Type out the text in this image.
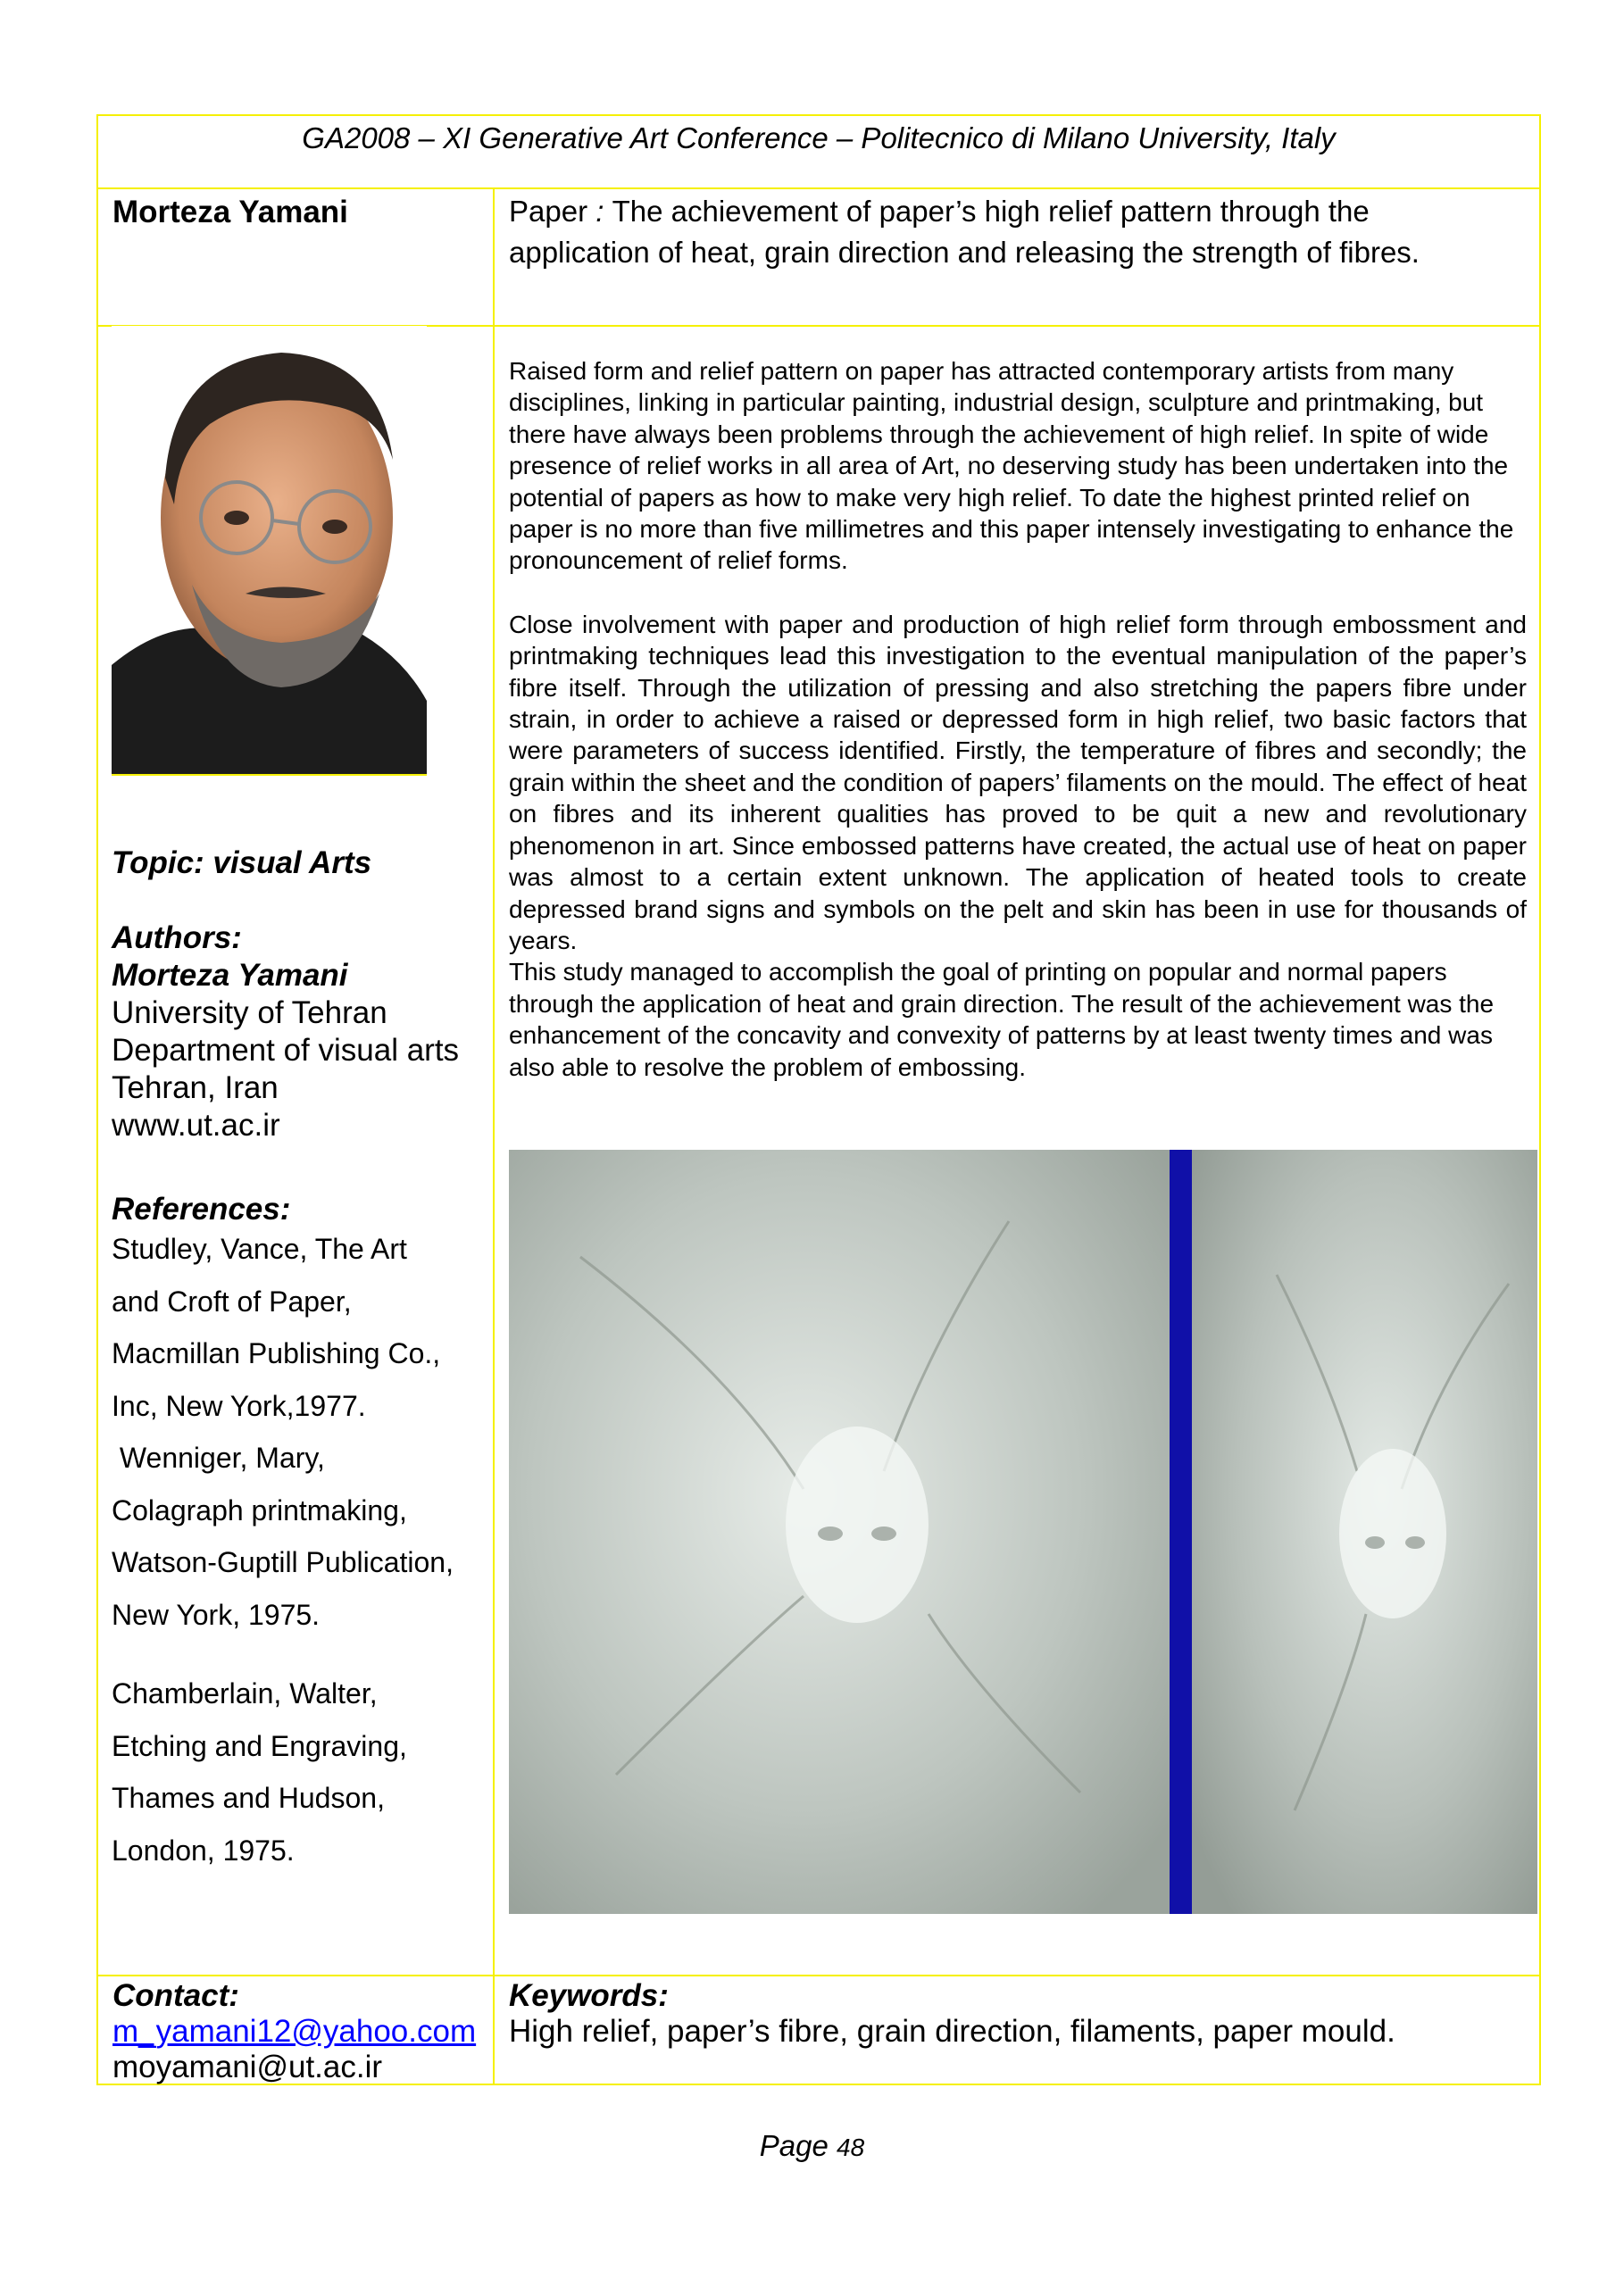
GA2008 – XI Generative Art Conference – Politecnico di Milano University, Italy
Morteza Yamani	Paper : The achievement of paper’s high relief pattern through the
application of heat, grain direction and releasing the strength of fibres.

Raised form and relief pattern on paper has attracted contemporary artists from many disciplines, linking in particular painting, industrial design, sculpture and printmaking, but there have always been problems through the achievement of high relief. In spite of wide presence of relief works in all area of Art, no deserving study has been undertaken into the potential of papers as how to make very high relief. To date the highest printed relief on paper is no more than five millimetres and this paper intensely investigating to enhance the pronouncement of relief forms.

Close involvement with paper and production of high relief form through embossment and printmaking techniques lead this investigation to the eventual manipulation of the paper’s fibre itself. Through the utilization of pressing and also stretching the papers fibre under strain, in order to achieve a raised or depressed form in high relief, two basic factors that were parameters of success identified. Firstly, the temperature of fibres and secondly; the grain within the sheet and the condition of papers’ filaments on the mould. The effect of heat on fibres and its inherent qualities has proved to be quit a new and revolutionary phenomenon in art. Since embossed patterns have created, the actual use of heat on paper was almost to a certain extent unknown. The application of heated tools to create depressed brand signs and symbols on the pelt and skin has been in use for thousands of years.

This study managed to accomplish the goal of printing on popular and normal papers through the application of heat and grain direction. The result of the achievement was the enhancement of the concavity and convexity of patterns by at least twenty times and was also able to resolve the problem of embossing.

Topic: visual Arts
Authors:
Morteza Yamani
University of Tehran
Department of visual arts
Tehran, Iran
www.ut.ac.ir
References:
Studley, Vance, The Art
and Croft of Paper,
Macmillan Publishing Co.,
Inc, New York,1977.
Wenniger, Mary,
Colagraph printmaking,
Watson-Guptill Publication,
New York, 1975.
Chamberlain, Walter,
Etching and Engraving,
Thames and Hudson,
London, 1975.
Contact:
m_yamani12@yahoo.com
moyamani@ut.ac.ir
Keywords:
High relief, paper’s fibre, grain direction, filaments, paper mould.
Page 48
